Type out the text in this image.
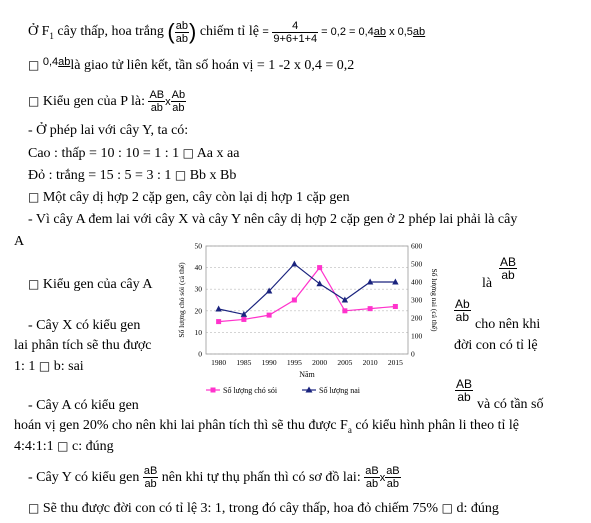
Ở $F_1$ cây thấp, hoa trắng ( $\frac{ab}{ab}$ ) chiếm tỉ lệ = $\frac{4}{9+6+1+4} = 0,2 = 0,4ab$ x 0,5ab
□ $^{0,4ab}$là giao tử liên kết, tần số hoán vị = 1 -2 x 0,4 = 0,2
□ Kiểu gen của P là: $\frac{AB}{ab}$ x $\frac{Ab}{ab}$
- Ở phép lai với cây Y, ta có:
Cao : thấp = 10 : 10 = 1 : 1 □ Aa x aa
Đỏ : trắng = 15 : 5 = 3 : 1 □ Bb x Bb
□ Một cây dị hợp 2 cặp gen, cây còn lại dị hợp 1 cặp gen
- Vì cây A đem lai với cây X và cây Y nên cây dị hợp 2 cặp gen ở 2 phép lai phải là cây
A
□ Kiểu gen của cây A	là
$\frac{AB}{ab}$
- Cây X có kiểu gen
$\frac{Ab}{ab}$
cho nên khi
lai phân tích sẽ thu được	đời con có tỉ lệ
1: 1 □ b: sai
- Cây A có kiểu gen
$\frac{AB}{ab}$
và có tần số
hoán vị gen 20% cho nên khi lai phân tích thì sẽ thu được $F_a$ có kiểu hình phân li theo tỉ lệ
4:4:1:1 □ c: đúng
- Cây Y có kiểu gen $\frac{aB}{ab}$ nên khi tự thụ phấn thì có sơ đồ lai: $\frac{aB}{ab}$ x $\frac{aB}{ab}$
□ Sẽ thu được đời con có tỉ lệ 3: 1, trong đó cây thấp, hoa đỏ chiếm 75% □ d: đúng
0
10
20
30
40
50
0
100
200
300
400
500
600
1980 1985 1990 1995 2000 2005 2010 2015
Số lượng chó sói (cá thể)	Số lượng nai (cá thể)
Năm
Số lượng chó sói	Số lượng nai
